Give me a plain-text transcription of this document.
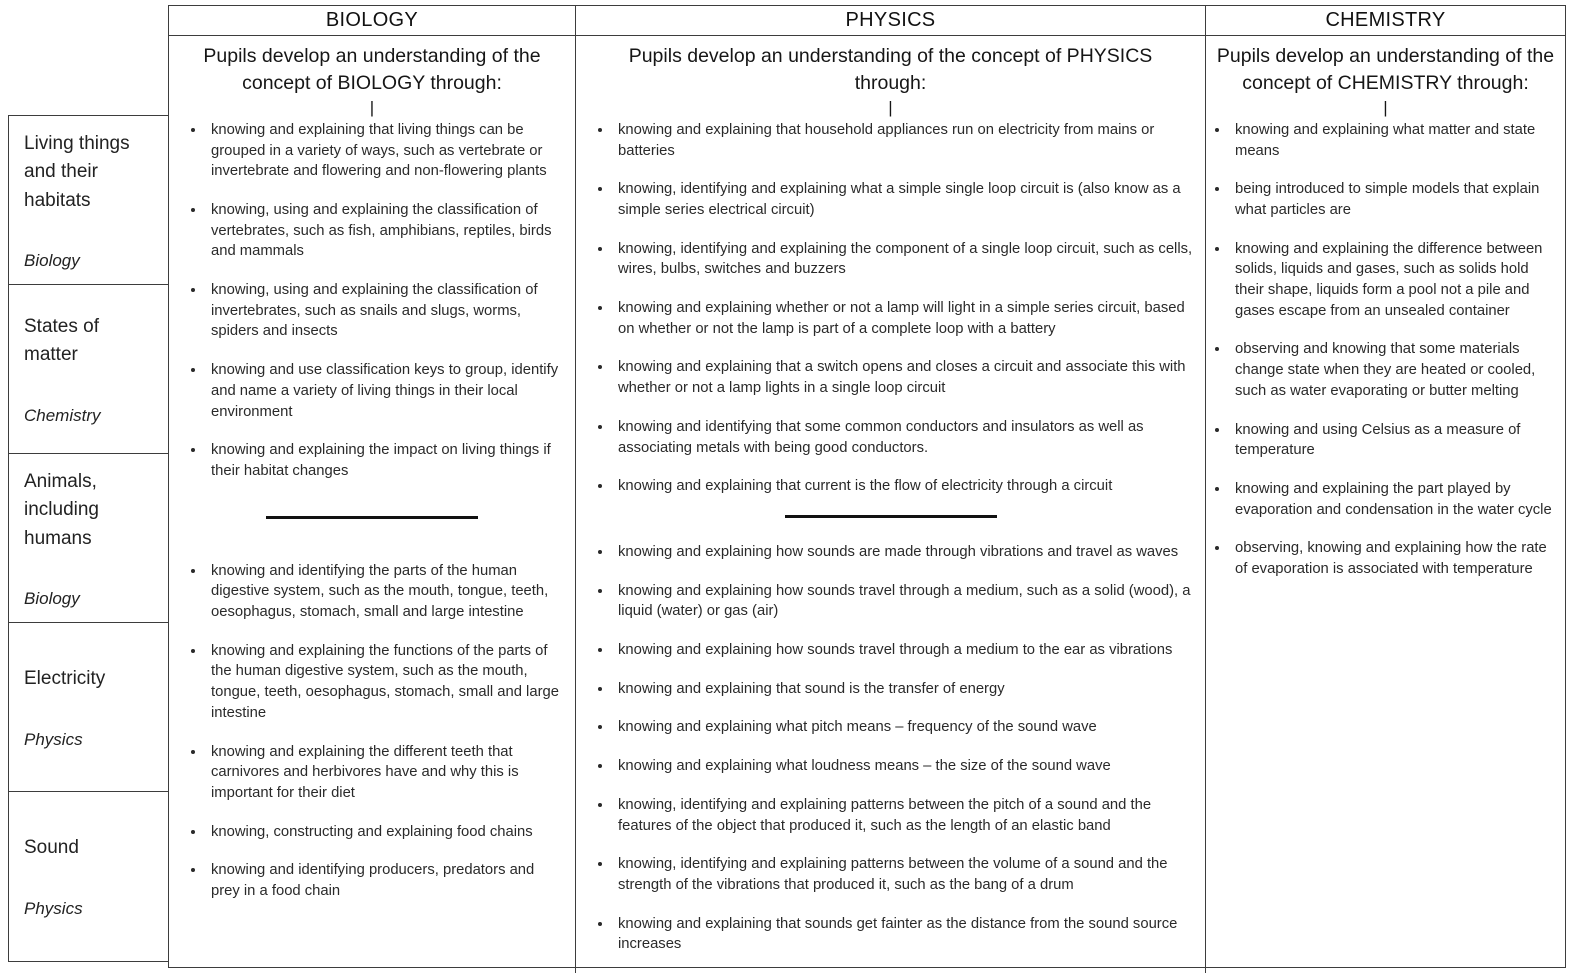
Living things and their habitats
Biology
States of matter
Chemistry
Animals, including humans
Biology
Electricity
Physics
Sound
Physics
BIOLOGY

Pupils develop an understanding of the concept of BIOLOGY through:

|

• knowing and explaining that living things can be grouped in a variety of ways, such as vertebrate or invertebrate and flowering and non-flowering plants
• knowing, using and explaining the classification of vertebrates, such as fish, amphibians, reptiles, birds and mammals
• knowing, using and explaining the classification of invertebrates, such as snails and slugs, worms, spiders and insects
• knowing and use classification keys to group, identify and name a variety of living things in their local environment
• knowing and explaining the impact on living things if their habitat changes
• knowing and identifying the parts of the human digestive system, such as the mouth, tongue, teeth, oesophagus, stomach, small and large intestine
• knowing and explaining the functions of the parts of the human digestive system, such as the mouth, tongue, teeth, oesophagus, stomach, small and large intestine
• knowing and explaining the different teeth that carnivores and herbivores have and why this is important for their diet
• knowing, constructing and explaining food chains
• knowing and identifying producers, predators and prey in a food chain
PHYSICS

Pupils develop an understanding of the concept of PHYSICS through:

|

• knowing and explaining that household appliances run on electricity from mains or batteries
• knowing, identifying and explaining what a simple single loop circuit is (also know as a simple series electrical circuit)
• knowing, identifying and explaining the component of a single loop circuit, such as cells, wires, bulbs, switches and buzzers
• knowing and explaining whether or not a lamp will light in a simple series circuit, based on whether or not the lamp is part of a complete loop with a battery
• knowing and explaining that a switch opens and closes a circuit and associate this with whether or not a lamp lights in a single loop circuit
• knowing and identifying that some common conductors and insulators as well as associating metals with being good conductors.
• knowing and explaining that current is the flow of electricity through a circuit
• knowing and explaining how sounds are made through vibrations and travel as waves
• knowing and explaining how sounds travel through a medium, such as a solid (wood), a liquid (water) or gas (air)
• knowing and explaining how sounds travel through a medium to the ear as vibrations
• knowing and explaining that sound is the transfer of energy
• knowing and explaining what pitch means – frequency of the sound wave
• knowing and explaining what loudness means – the size of the sound wave
• knowing, identifying and explaining patterns between the pitch of a sound and the features of the object that produced it, such as the length of an elastic band
• knowing, identifying and explaining patterns between the volume of a sound and the strength of the vibrations that produced it, such as the bang of a drum
• knowing and explaining that sounds get fainter as the distance from the sound source increases
CHEMISTRY

Pupils develop an understanding of the concept of CHEMISTRY through:

|

• knowing and explaining what matter and state means
• being introduced to simple models that explain what particles are
• knowing and explaining the difference between solids, liquids and gases, such as solids hold their shape, liquids form a pool not a pile and gases escape from an unsealed container
• observing and knowing that some materials change state when they are heated or cooled, such as water evaporating or butter melting
• knowing and using Celsius as a measure of temperature
• knowing and explaining the part played by evaporation and condensation in the water cycle
• observing, knowing and explaining how the rate of evaporation is associated with temperature
